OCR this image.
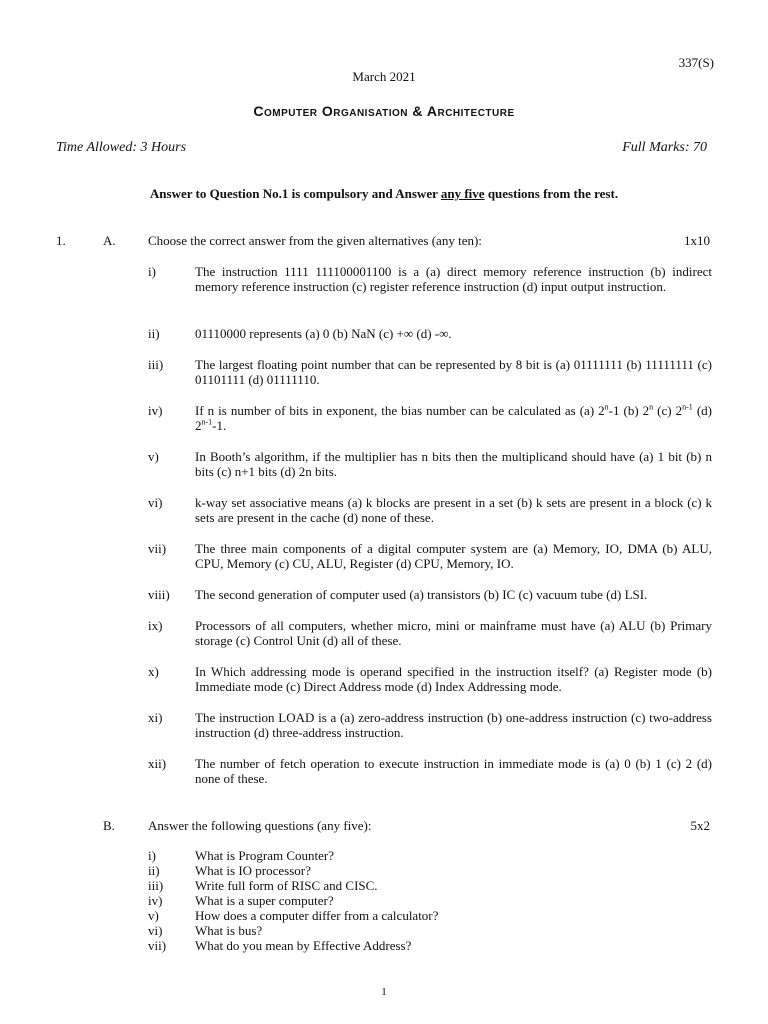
337(S)
March 2021
Computer Organisation & Architecture
Time Allowed: 3 Hours	Full Marks: 70
Answer to Question No.1 is compulsory and Answer any five questions from the rest.
1.	A. Choose the correct answer from the given alternatives (any ten):	1x10
i)	The instruction 1111 111100001100 is a (a) direct memory reference instruction (b) indirect memory reference instruction (c) register reference instruction (d) input output instruction.
ii)	01110000 represents (a) 0 (b) NaN (c) +∞ (d) -∞.
iii) The largest floating point number that can be represented by 8 bit is (a) 01111111 (b) 11111111 (c) 01101111 (d) 01111110.
iv)	If n is number of bits in exponent, the bias number can be calculated as (a) 2$^n$-1 (b) 2$^n$ (c) 2$^{n-1}$ (d) 2$^{n-1}$-1.
v)	In Booth’s algorithm, if the multiplier has n bits then the multiplicand should have (a) 1 bit (b) n bits (c) n+1 bits (d) 2n bits.
vi)	k-way set associative means (a) k blocks are present in a set (b) k sets are present in a block (c) k sets are present in the cache (d) none of these.
vii) The three main components of a digital computer system are (a) Memory, IO, DMA (b) ALU, CPU, Memory (c) CU, ALU, Register (d) CPU, Memory, IO.
viii) The second generation of computer used (a) transistors (b) IC (c) vacuum tube (d) LSI.
ix)	Processors of all computers, whether micro, mini or mainframe must have (a) ALU (b) Primary storage (c) Control Unit (d) all of these.
x)	In Which addressing mode is operand specified in the instruction itself? (a) Register mode (b) Immediate mode (c) Direct Address mode (d) Index Addressing mode.
xi)	The instruction LOAD is a (a) zero-address instruction (b) one-address instruction (c) two-address instruction (d) three-address instruction.
xii) The number of fetch operation to execute instruction in immediate mode is (a) 0 (b) 1 (c) 2 (d) none of these.
B.	Answer the following questions (any five):	5x2
i)	What is Program Counter?
ii)	What is IO processor?
iii) Write full form of RISC and CISC.
iv)	What is a super computer?
v)	How does a computer differ from a calculator?
vi)	What is bus?
vii) What do you mean by Effective Address?
1
